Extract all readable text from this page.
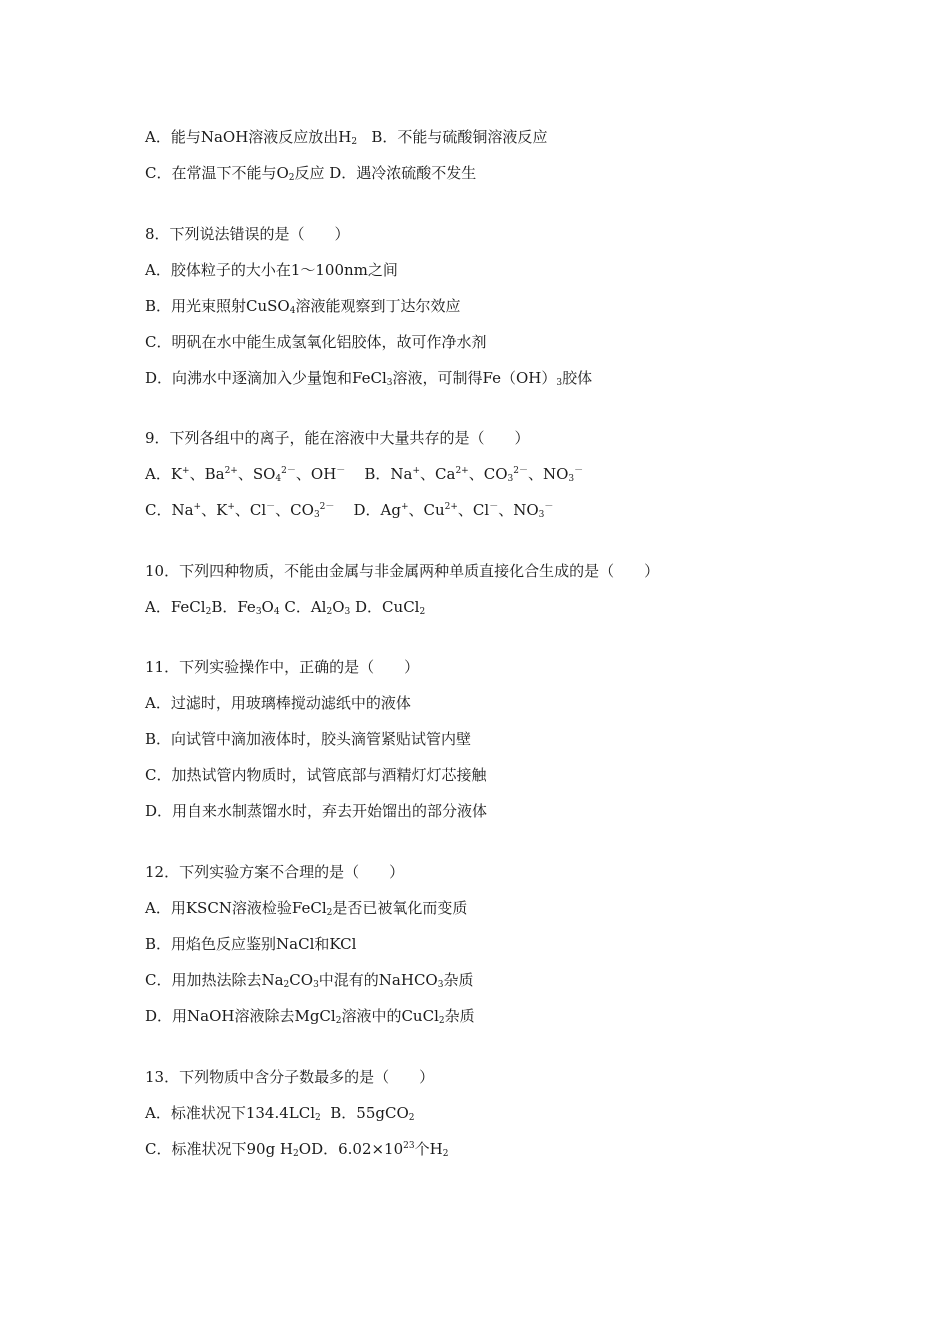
A．能与NaOH溶液反应放出$H_2$   B．不能与硫酸铜溶液反应
C．在常温下不能与$O_2$反应 D．遇冷浓硫酸不发生
8．下列说法错误的是（　　）
A．胶体粒子的大小在1～100nm之间
B．用光束照射CuSO$_4$溶液能观察到丁达尔效应
C．明矾在水中能生成氢氧化铝胶体，故可作净水剂
D．向沸水中逐滴加入少量饱和FeCl$_3$溶液，可制得$Fe(OH)_3$胶体
9．下列各组中的离子，能在溶液中大量共存的是（　　）
A．K+、$Ba^{2+}$、$SO_4^{2-}$、OH－    B．Na+、$Ca^{2+}$、$CO_3^{2-}$、$NO_3^-$
C．Na+、K+、Cl－、$CO_3^{2-}$    D．Ag+、$Cu^{2+}$、Cl－、$NO_3^-$
10．下列四种物质，不能由金属与非金属两种单质直接化合生成的是（　　）
A．FeCl$_2$B．$Fe_3O_4$ C．$Al_2O_3$ D．CuCl$_2$
11．下列实验操作中，正确的是（　　）
A．过滤时，用玻璃棒搅动滤纸中的液体
B．向试管中滴加液体时，胶头滴管紧贴试管内壁
C．加热试管内物质时，试管底部与酒精灯灯芯接触
D．用自来水制蒸馏水时，弃去开始馏出的部分液体
12．下列实验方案不合理的是（　　）
A．用KSCN溶液检验FeCl$_2$是否已被氧化而变质
B．用焰色反应鉴别NaCl和KCl
C．用加热法除去$Na_2CO_3$中混有的NaHCO$_3$杂质
D．用NaOH溶液除去MgCl$_2$溶液中的CuCl$_2$杂质
13．下列物质中含分子数最多的是（　　）
A．标准状况下134.4LCl$_2$  B．55gCO$_2$
C．标准状况下90g $H_2OD$．$6.02\times 10^{23}$个$H_2$
